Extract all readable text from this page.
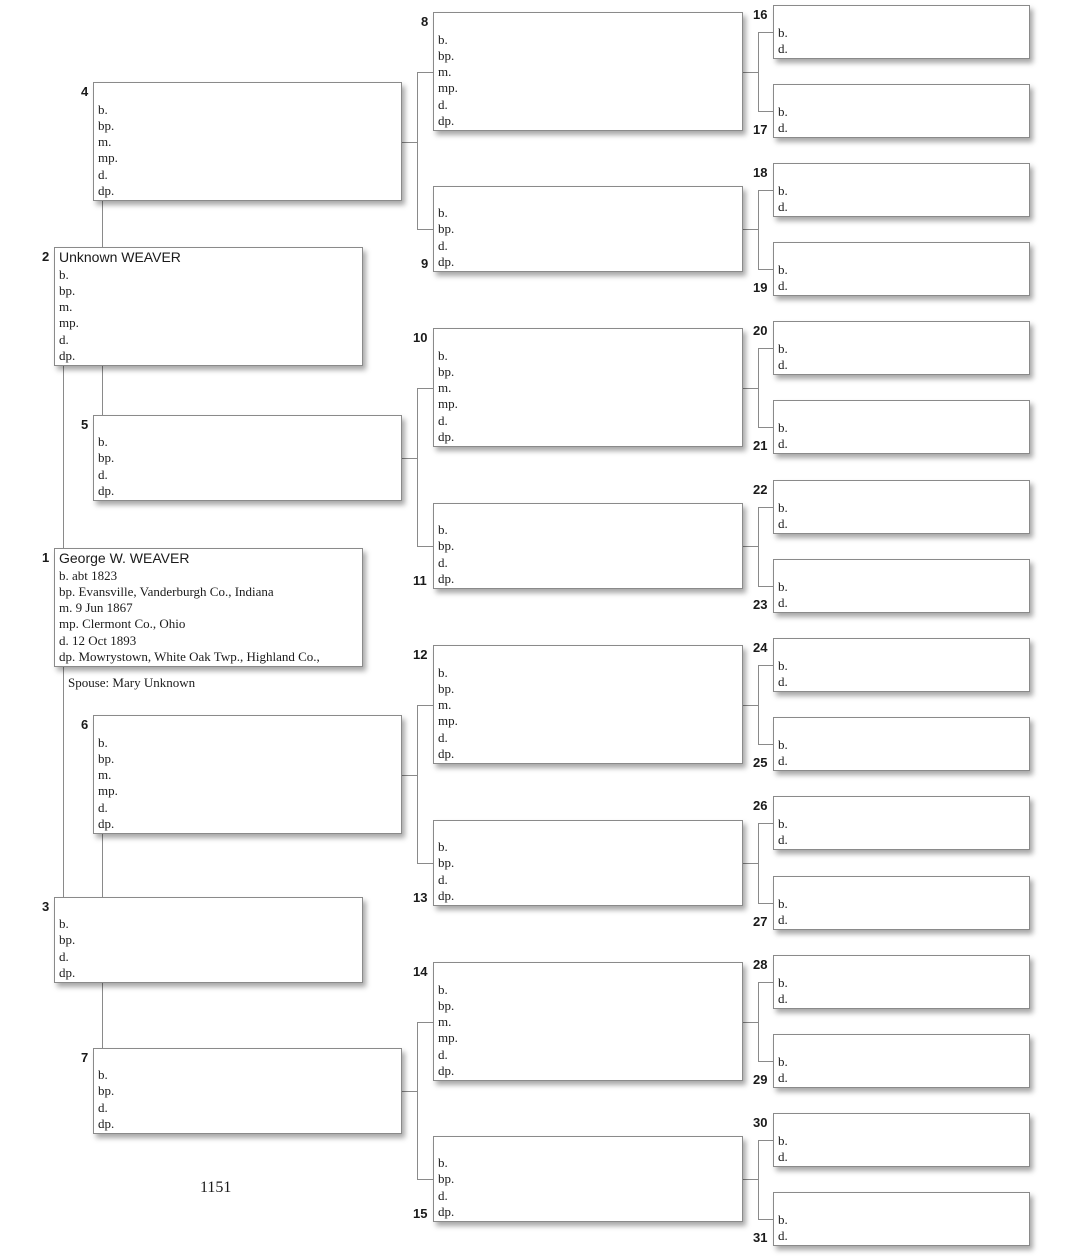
George W. WEAVER
b. abt 1823
bp. Evansville, Vanderburgh Co., Indiana
m. 9 Jun 1867
mp. Clermont Co., Ohio
d. 12 Oct 1893
dp. Mowrystown, White Oak Twp., Highland Co.,
1
Unknown WEAVER
b.
bp.
m.
mp.
d.
dp.
2
b.
bp.
d.
dp.
3
b.
bp.
m.
mp.
d.
dp.
4
b.
bp.
d.
dp.
5
b.
bp.
m.
mp.
d.
dp.
6
b.
bp.
d.
dp.
7
b.
bp.
m.
mp.
d.
dp.
8
b.
bp.
d.
dp.
9
b.
bp.
m.
mp.
d.
dp.
10
b.
bp.
d.
dp.
11
b.
bp.
m.
mp.
d.
dp.
12
b.
bp.
d.
dp.
13
b.
bp.
m.
mp.
d.
dp.
14
b.
bp.
d.
dp.
15
b.
d.
16
b.
d.
17
b.
d.
18
b.
d.
19
b.
d.
20
b.
d.
21
b.
d.
22
b.
d.
23
b.
d.
24
b.
d.
25
b.
d.
26
b.
d.
27
b.
d.
28
b.
d.
29
b.
d.
30
b.
d.
31
Spouse: Mary Unknown
1151
